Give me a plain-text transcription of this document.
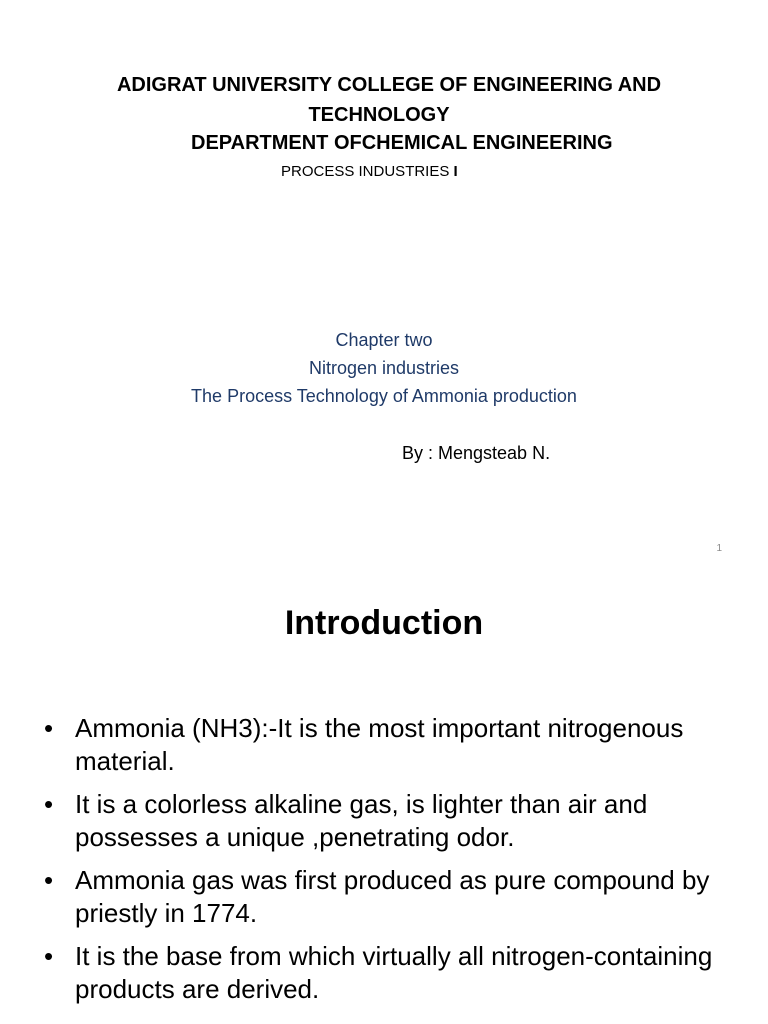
ADIGRAT UNIVERSITY COLLEGE OF ENGINEERING AND
TECHNOLOGY
DEPARTMENT OFCHEMICAL ENGINEERING
PROCESS INDUSTRIES I
Chapter two
Nitrogen industries
The Process Technology of Ammonia production
By : Mengsteab N.
1
Introduction
• Ammonia (NH3):-It is the most important nitrogenous material.
• It is a colorless alkaline gas, is lighter than air and possesses a unique ,penetrating odor.
• Ammonia gas was first produced as pure compound by priestly in 1774.
• It is the base from which virtually all nitrogen-containing products are derived.
